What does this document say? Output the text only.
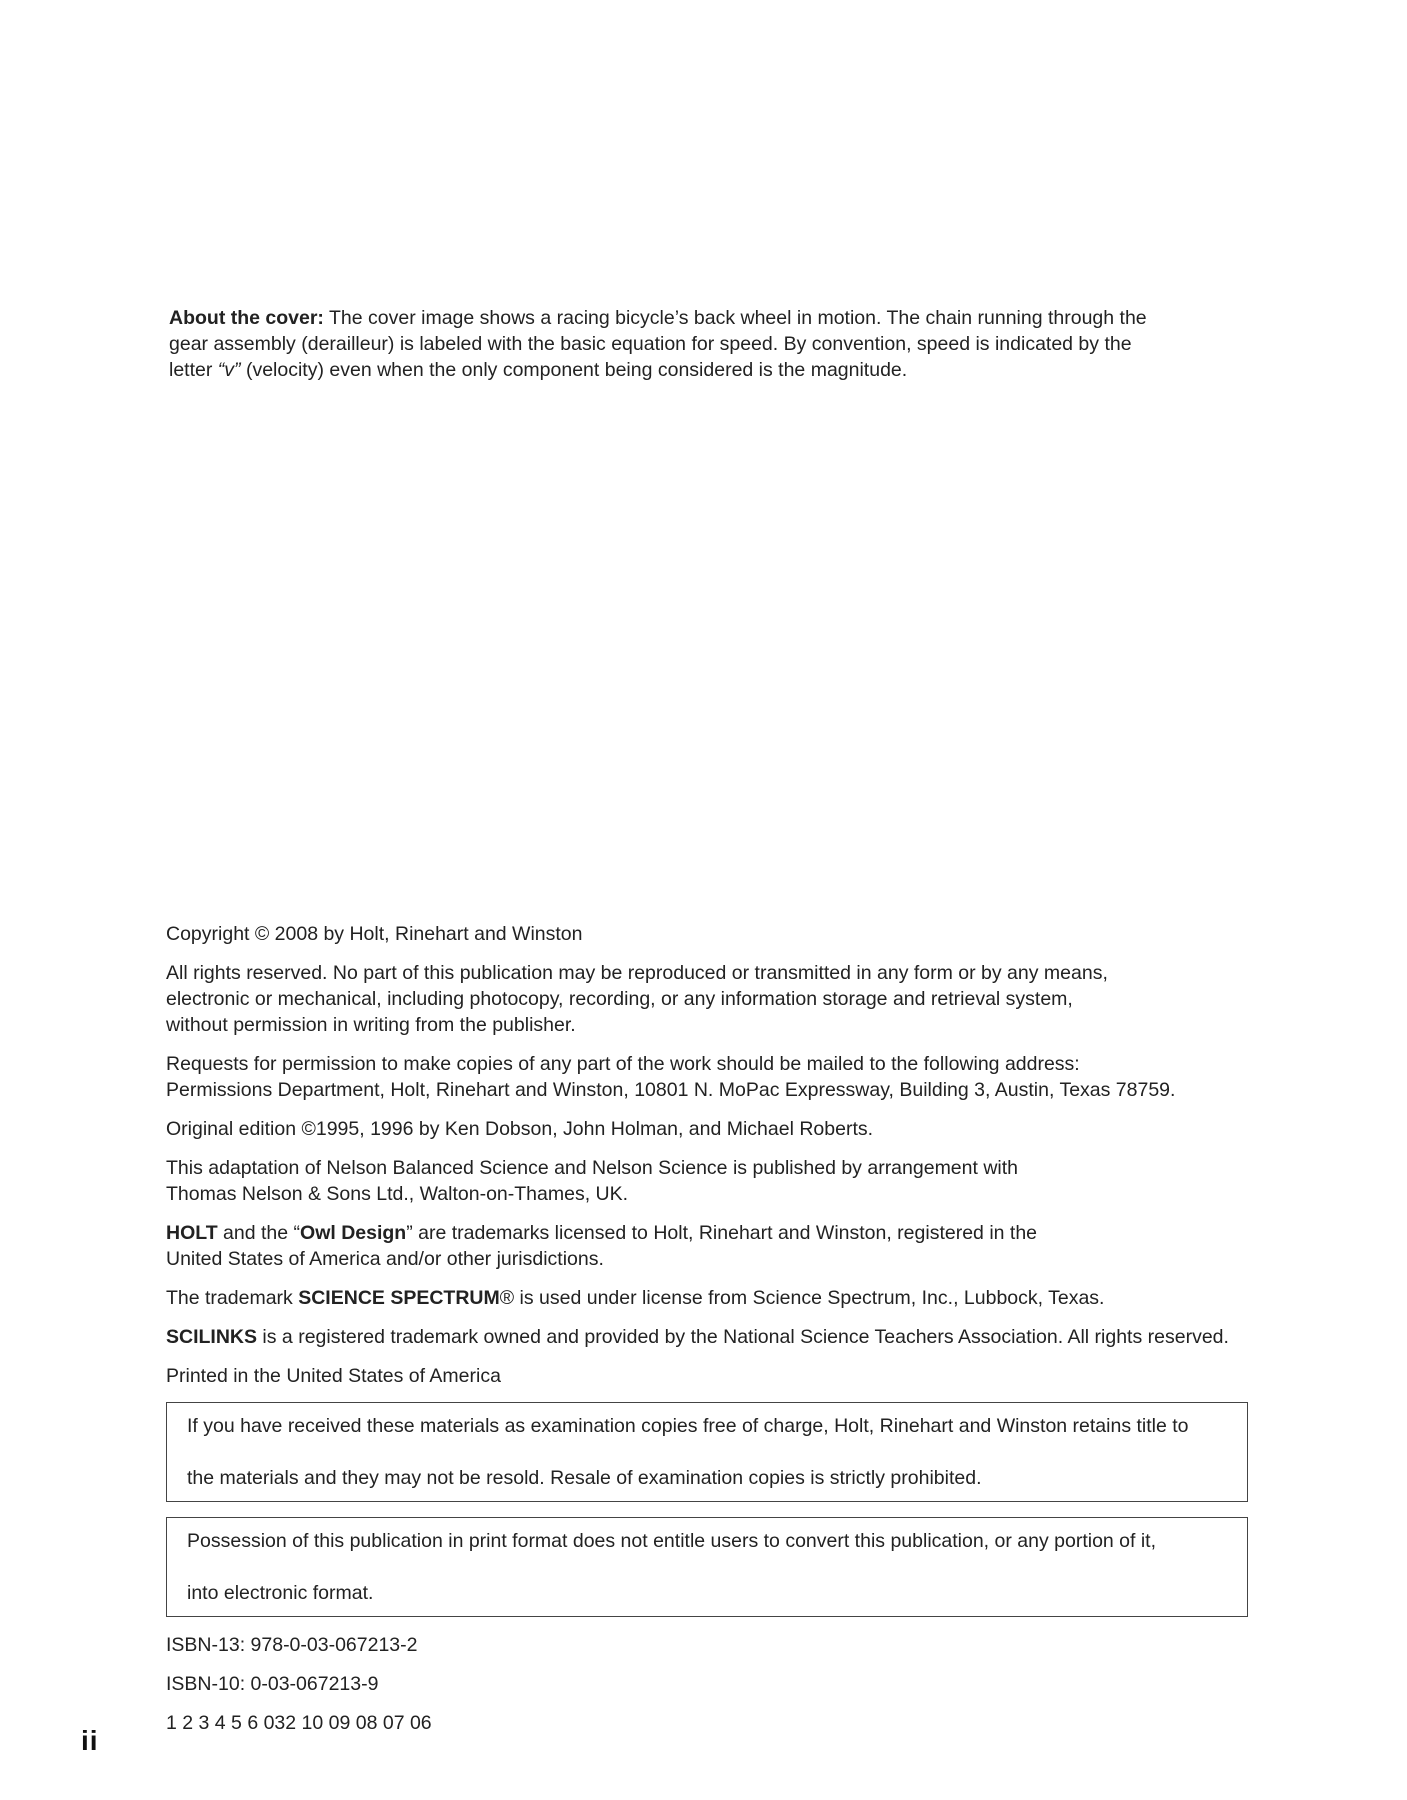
About the cover: The cover image shows a racing bicycle’s back wheel in motion. The chain running through the gear assembly (derailleur) is labeled with the basic equation for speed. By convention, speed is indicated by the letter “v” (velocity) even when the only component being considered is the magnitude.

Copyright © 2008 by Holt, Rinehart and Winston

All rights reserved. No part of this publication may be reproduced or transmitted in any form or by any means,
electronic or mechanical, including photocopy, recording, or any information storage and retrieval system,
without permission in writing from the publisher.

Requests for permission to make copies of any part of the work should be mailed to the following address:
Permissions Department, Holt, Rinehart and Winston, 10801 N. MoPac Expressway, Building 3, Austin, Texas 78759.

Original edition ©1995, 1996 by Ken Dobson, John Holman, and Michael Roberts.

This adaptation of Nelson Balanced Science and Nelson Science is published by arrangement with
Thomas Nelson & Sons Ltd., Walton-on-Thames, UK.

HOLT and the “Owl Design” are trademarks licensed to Holt, Rinehart and Winston, registered in the
United States of America and/or other jurisdictions.

The trademark SCIENCE SPECTRUM® is used under license from Science Spectrum, Inc., Lubbock, Texas.

SCILINKS is a registered trademark owned and provided by the National Science Teachers Association. All rights reserved.

Printed in the United States of America

If you have received these materials as examination copies free of charge, Holt, Rinehart and Winston retains title to

the materials and they may not be resold. Resale of examination copies is strictly prohibited.
Possession of this publication in print format does not entitle users to convert this publication, or any portion of it,

into electronic format.

ISBN-13: 978-0-03-067213-2

ISBN-10: 0-03-067213-9

1 2 3 4 5 6 032 10 09 08 07 06

ii
